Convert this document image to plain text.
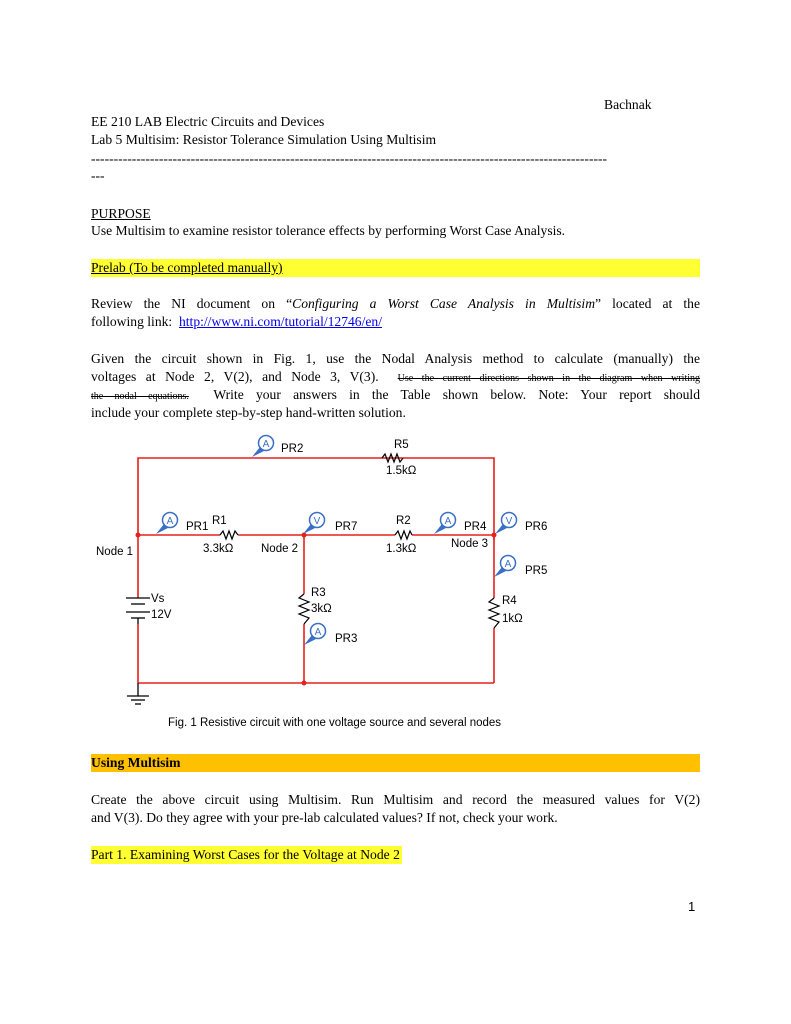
Bachnak
EE 210 LAB Electric Circuits and Devices
Lab 5 Multisim: Resistor Tolerance Simulation Using Multisim
------------------------------------------------------------------------------------------------------------------
---
PURPOSE
Use Multisim to examine resistor tolerance effects by performing Worst Case Analysis.
Prelab (To be completed manually)
Review the NI document on “Configuring a Worst Case Analysis in Multisim” located at the
following link: http://www.ni.com/tutorial/12746/en/
Given the circuit shown in Fig. 1, use the Nodal Analysis method to calculate (manually) the
voltages at Node 2, V(2), and Node 3, V(3). Use the current directions shown in the diagram when writing
the nodal equations. Write your answers in the Table shown below. Note: Your report should
include your complete step-by-step hand-written solution.
A
A	V	A	V
A
A
R5
1.5kΩ
PR2
PR1 R1
3.3kΩ
PR7	R2
1.3kΩ
PR4	PR6
Node 3
Node 1	Node 2
PR5
Vs
12V
R3
3kΩ
PR3
R4
1kΩ
Fig. 1 Resistive circuit with one voltage source and several nodes
Using Multisim
Create the above circuit using Multisim. Run Multisim and record the measured values for V(2)
and V(3). Do they agree with your pre-lab calculated values? If not, check your work.
Part 1. Examining Worst Cases for the Voltage at Node 2
1
